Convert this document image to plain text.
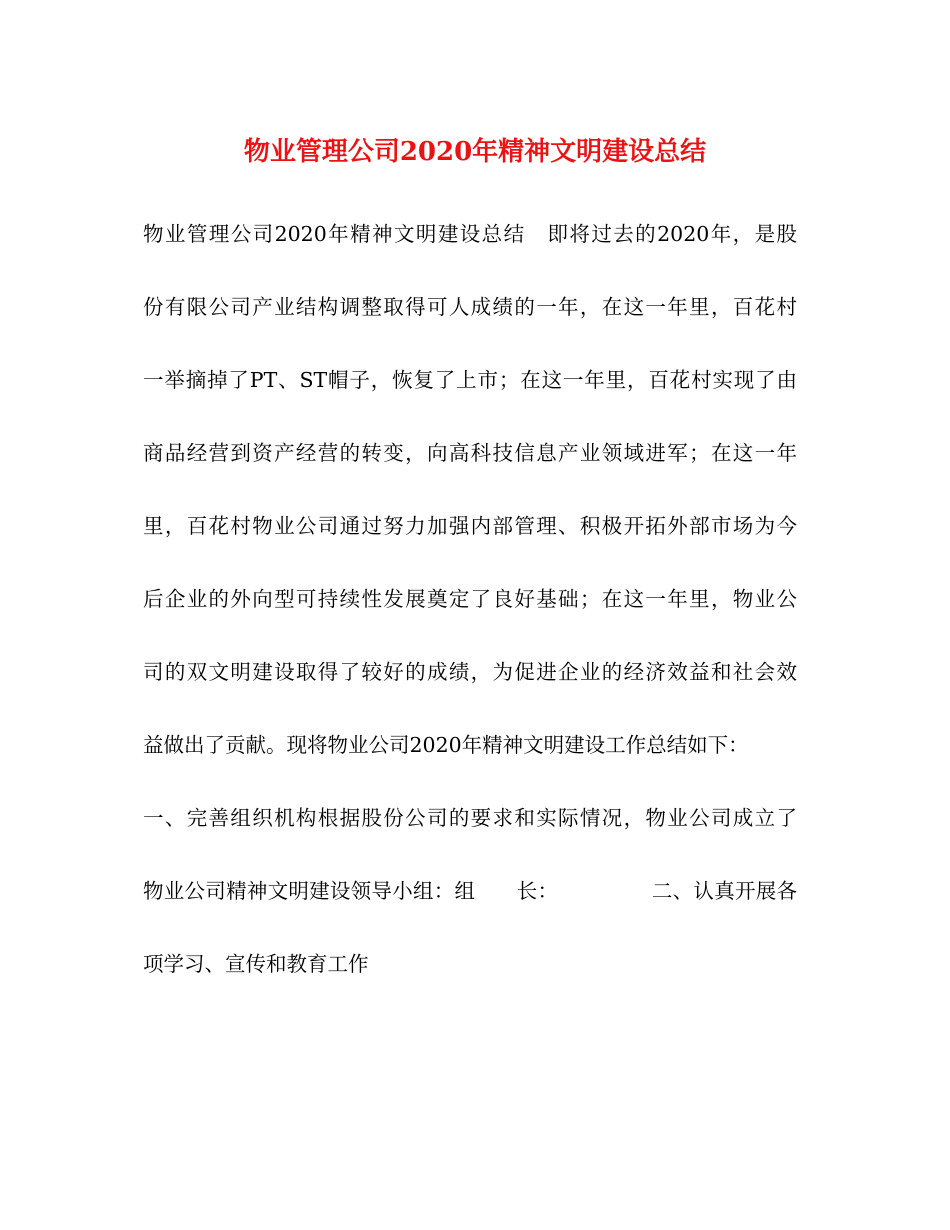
物业管理公司2020年精神文明建设总结
物业管理公司2020年精神文明建设总结　即将过去的2020年，是股
份有限公司产业结构调整取得可人成绩的一年，在这一年里，百花村
一举摘掉了PT、ST帽子，恢复了上市；在这一年里，百花村实现了由
商品经营到资产经营的转变，向高科技信息产业领域进军；在这一年
里，百花村物业公司通过努力加强内部管理、积极开拓外部市场为今
后企业的外向型可持续性发展奠定了良好基础；在这一年里，物业公
司的双文明建设取得了较好的成绩，为促进企业的经济效益和社会效
益做出了贡献。现将物业公司2020年精神文明建设工作总结如下：
一、完善组织机构根据股份公司的要求和实际情况，物业公司成立了
物业公司精神文明建设领导小组：组　　长：　　　　　二、认真开展各
项学习、宣传和教育工作
